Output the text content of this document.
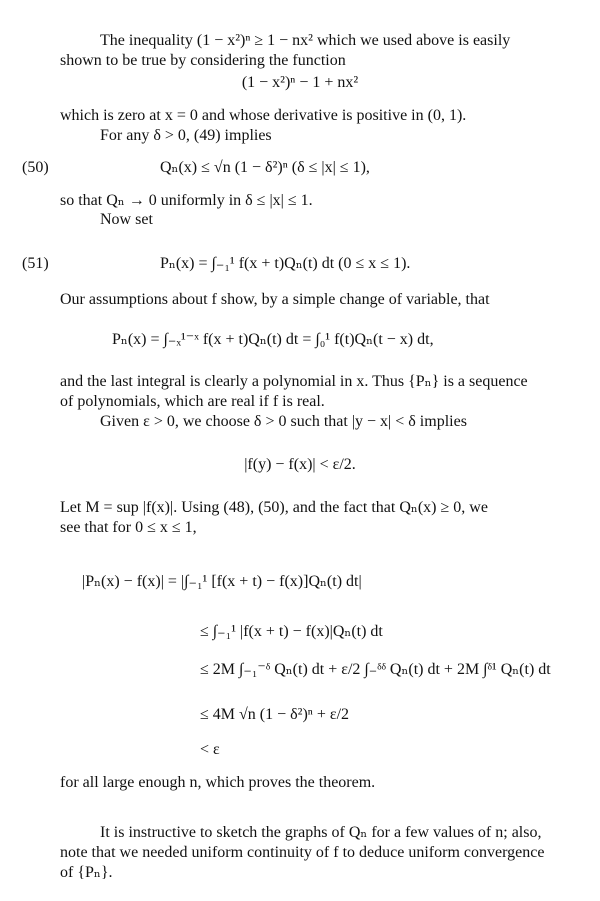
The inequality (1 − x²)ⁿ ≥ 1 − nx² which we used above is easily
shown to be true by considering the function
(1 − x²)ⁿ − 1 + nx²
which is zero at x = 0 and whose derivative is positive in (0, 1).
For any δ > 0, (49) implies
(50)	Qₙ(x) ≤ √n (1 − δ²)ⁿ (δ ≤ |x| ≤ 1),
so that Qₙ → 0 uniformly in δ ≤ |x| ≤ 1.
Now set
(51)	Pₙ(x) = ∫₋₁¹ f(x + t)Qₙ(t) dt (0 ≤ x ≤ 1).
Our assumptions about f show, by a simple change of variable, that
Pₙ(x) = ∫₋ₓ¹⁻ˣ f(x + t)Qₙ(t) dt = ∫₀¹ f(t)Qₙ(t − x) dt,
and the last integral is clearly a polynomial in x. Thus {Pₙ} is a sequence
of polynomials, which are real if f is real.
Given ε > 0, we choose δ > 0 such that |y − x| < δ implies
|f(y) − f(x)| < ε/2.
Let M = sup |f(x)|. Using (48), (50), and the fact that Qₙ(x) ≥ 0, we
see that for 0 ≤ x ≤ 1,
|Pₙ(x) − f(x)| = |∫₋₁¹ [f(x + t) − f(x)]Qₙ(t) dt|
≤ ∫₋₁¹ |f(x + t) − f(x)|Qₙ(t) dt
≤ 2M ∫₋₁⁻ᵟ Qₙ(t) dt + ε/2 ∫₋ᵟᵟ Qₙ(t) dt + 2M ∫ᵟ¹ Qₙ(t) dt
≤ 4M √n (1 − δ²)ⁿ + ε/2
< ε
for all large enough n, which proves the theorem.
It is instructive to sketch the graphs of Qₙ for a few values of n; also,
note that we needed uniform continuity of f to deduce uniform convergence
of {Pₙ}.
